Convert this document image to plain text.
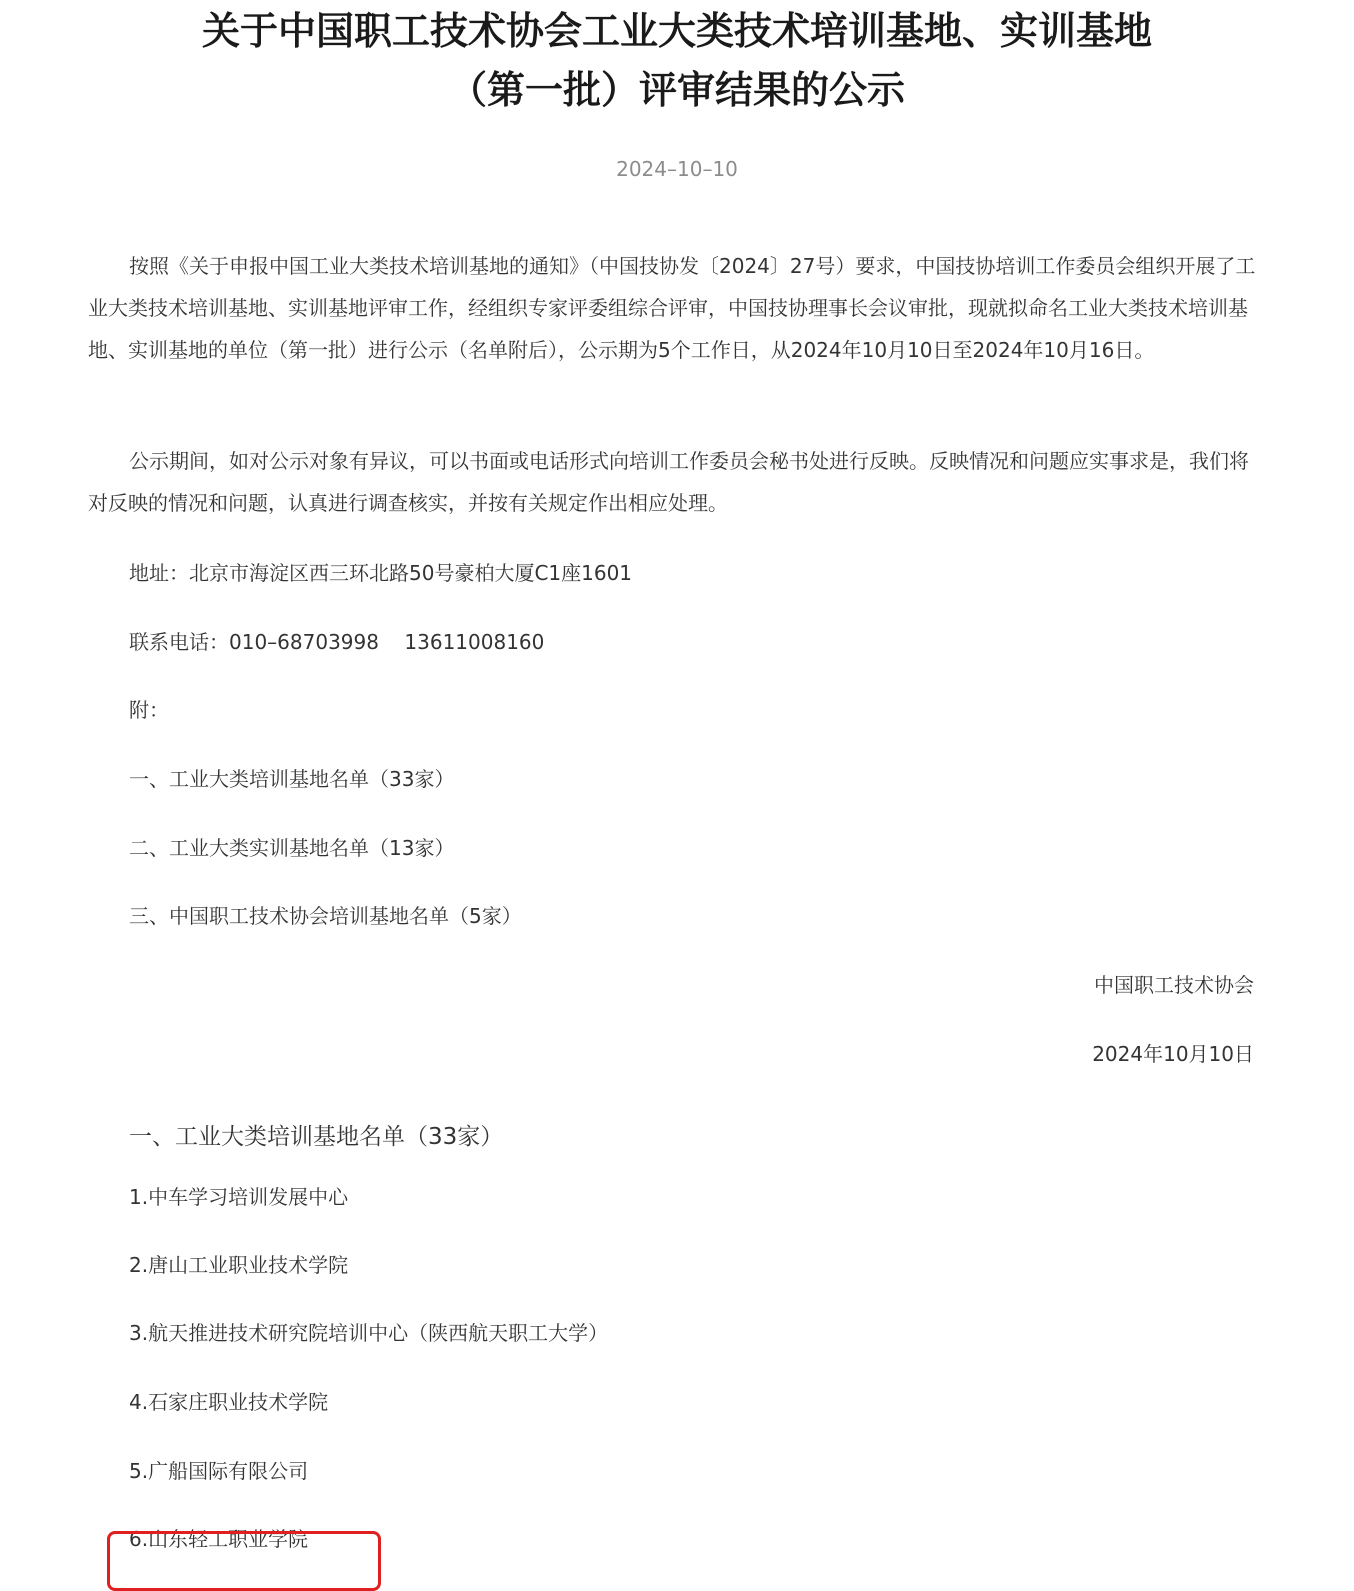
关于中国职工技术协会工业大类技术培训基地、实训基地
（第一批）评审结果的公示
2024–10–10

按照《关于申报中国工业大类技术培训基地的通知》（中国技协发〔2024〕27号）要求，中国技协培训工作委员会组织开展了工业大类技术培训基地、实训基地评审工作，经组织专家评委组综合评审，中国技协理事长会议审批，现就拟命名工业大类技术培训基地、实训基地的单位（第一批）进行公示（名单附后），公示期为5个工作日，从2024年10月10日至2024年10月16日。

公示期间，如对公示对象有异议，可以书面或电话形式向培训工作委员会秘书处进行反映。反映情况和问题应实事求是，我们将对反映的情况和问题，认真进行调查核实，并按有关规定作出相应处理。

地址：北京市海淀区西三环北路50号豪柏大厦C1座1601
联系电话：010–68703998    13611008160
附：
一、工业大类培训基地名单（33家）
二、工业大类实训基地名单（13家）
三、中国职工技术协会培训基地名单（5家）
中国职工技术协会
2024年10月10日
一、工业大类培训基地名单（33家）
1.中车学习培训发展中心
2.唐山工业职业技术学院
3.航天推进技术研究院培训中心（陕西航天职工大学）
4.石家庄职业技术学院
5.广船国际有限公司
6.山东轻工职业学院
